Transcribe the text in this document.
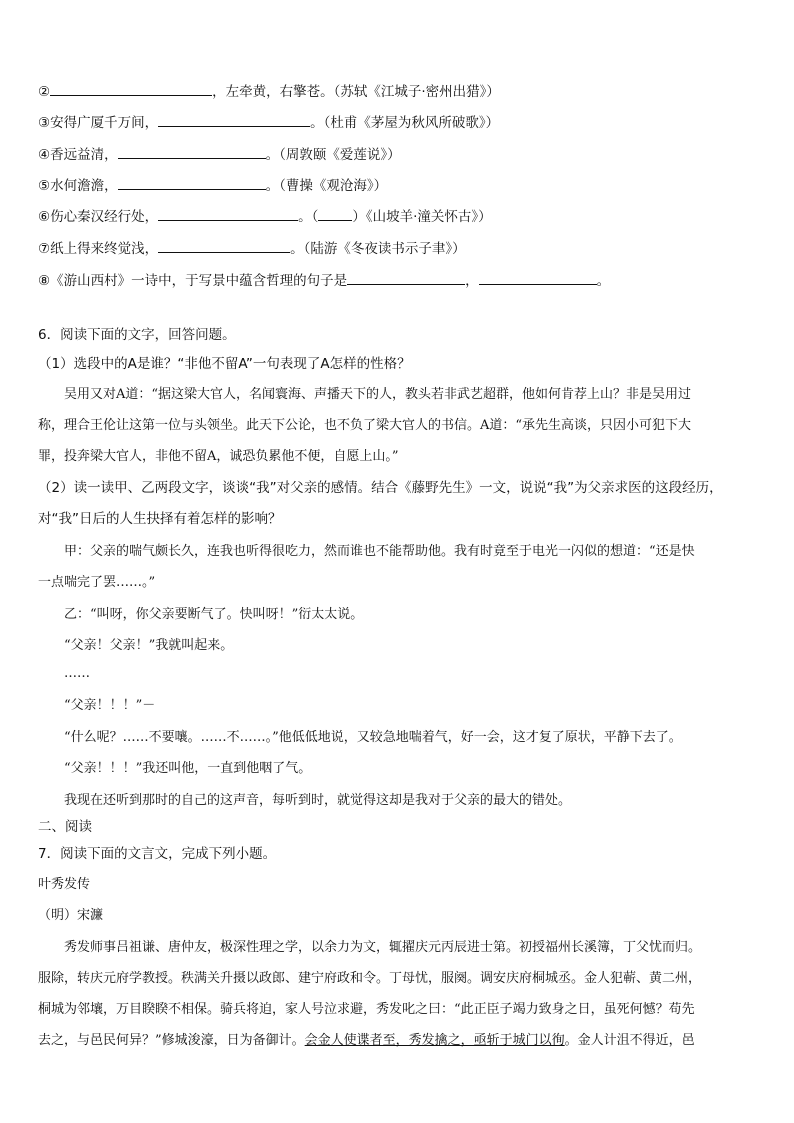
②	，左牵黄，右擎苍。（苏轼《江城子·密州出猎》）
③安得广厦千万间，	。（杜甫《茅屋为秋风所破歌》）
④香远益清，	。（周敦颐《爱莲说》）
⑤水何澹澹，	。（曹操《观沧海》）
⑥伤心秦汉经行处，	。（	）《山坡羊·潼关怀古》）
⑦纸上得来终觉浅，	。（陆游《冬夜读书示子聿》）
⑧《游山西村》一诗中，于写景中蕴含哲理的句子是	，	。
6．阅读下面的文字，回答问题。
（1）选段中的A是谁？“非他不留A”一句表现了A怎样的性格？
吴用又对A道：“据这梁大官人，名闻寰海、声播天下的人，教头若非武艺超群，他如何肯荐上山？非是吴用过
称，理合王伦让这第一位与头领坐。此天下公论，也不负了梁大官人的书信。A道：“承先生高谈，只因小可犯下大
罪，投奔梁大官人，非他不留A，诚恐负累他不便，自愿上山。”
（2）读一读甲、乙两段文字，谈谈“我”对父亲的感情。结合《藤野先生》一文，说说“我”为父亲求医的这段经历，
对“我”日后的人生抉择有着怎样的影响？
甲：父亲的喘气颇长久，连我也听得很吃力，然而谁也不能帮助他。我有时竟至于电光一闪似的想道：“还是快
一点喘完了罢……。”
乙：“叫呀，你父亲要断气了。快叫呀！”衍太太说。
“父亲！父亲！”我就叫起来。
……
“父亲！！！”－
“什么呢？……不要嚷。……不……。”他低低地说，又较急地喘着气，好一会，这才复了原状，平静下去了。
“父亲！！！”我还叫他，一直到他咽了气。
我现在还听到那时的自己的这声音，每听到时，就觉得这却是我对于父亲的最大的错处。
二、阅读
7．阅读下面的文言文，完成下列小题。
叶秀发传
（明）宋濂
秀发师事吕祖谦、唐仲友，极深性理之学，以余力为文，辄擢庆元丙辰进士第。初授福州长溪簿，丁父忧而归。
服除，转庆元府学教授。秩满关升摄以政郎、建宁府政和令。丁母忧，服阕。调安庆府桐城丞。金人犯蕲、黄二州，
桐城为邻壤，万目睽睽不相保。骑兵将迫，家人号泣求避，秀发叱之曰：“此正臣子竭力致身之日，虽死何憾？苟先
去之，与邑民何异？”修城浚濠，日为备御计。会金人使谍者至，秀发擒之，亟斩于城门以徇。金人计沮不得近，邑
